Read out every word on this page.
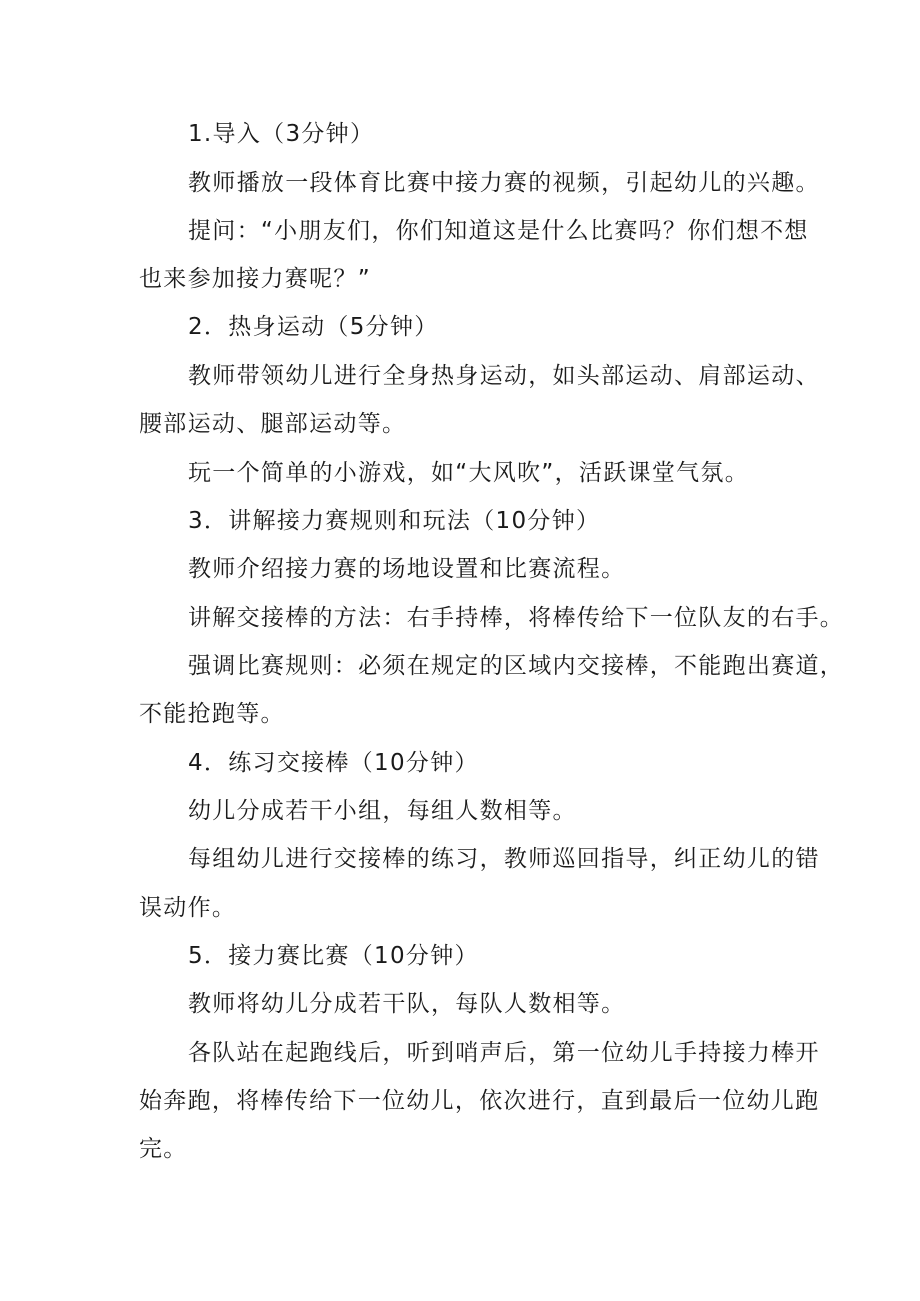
1.导入（3分钟）
教师播放一段体育比赛中接力赛的视频，引起幼儿的兴趣。
提问：“小朋友们，你们知道这是什么比赛吗？你们想不想
也来参加接力赛呢？”
2．热身运动（5分钟）
教师带领幼儿进行全身热身运动，如头部运动、肩部运动、
腰部运动、腿部运动等。
玩一个简单的小游戏，如“大风吹”，活跃课堂气氛。
3．讲解接力赛规则和玩法（10分钟）
教师介绍接力赛的场地设置和比赛流程。
讲解交接棒的方法：右手持棒，将棒传给下一位队友的右手。
强调比赛规则：必须在规定的区域内交接棒，不能跑出赛道，
不能抢跑等。
4．练习交接棒（10分钟）
幼儿分成若干小组，每组人数相等。
每组幼儿进行交接棒的练习，教师巡回指导，纠正幼儿的错
误动作。
5．接力赛比赛（10分钟）
教师将幼儿分成若干队，每队人数相等。
各队站在起跑线后，听到哨声后，第一位幼儿手持接力棒开
始奔跑，将棒传给下一位幼儿，依次进行，直到最后一位幼儿跑
完。
